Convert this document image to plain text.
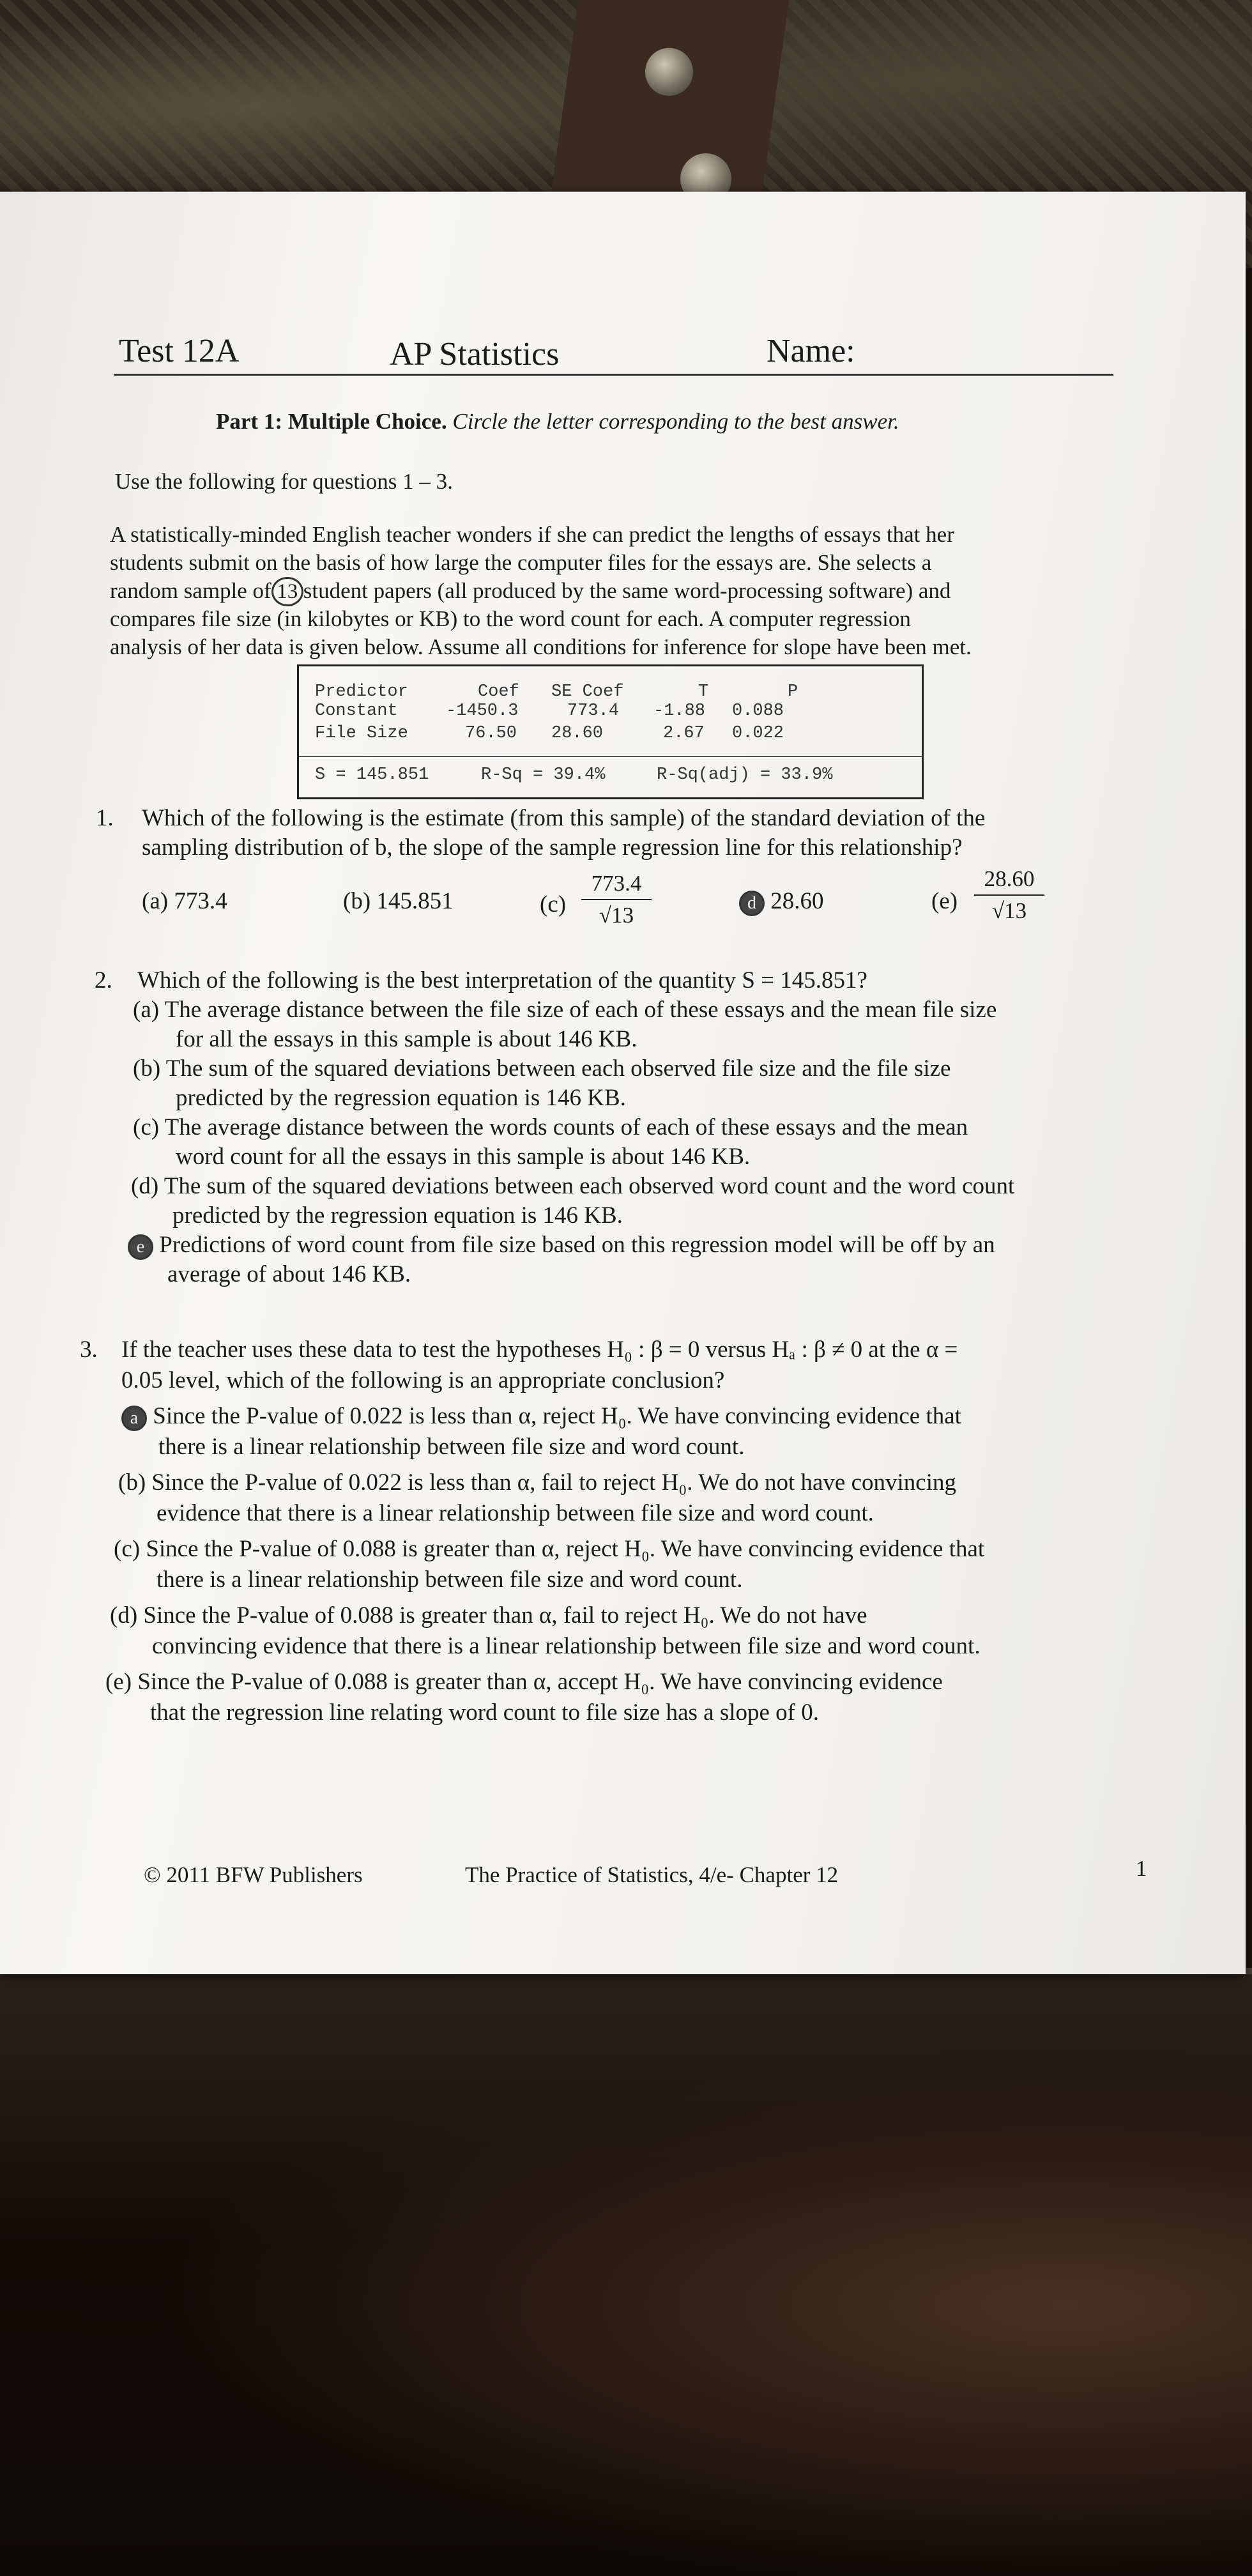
Test 12A	AP Statistics	Name:
Part 1: Multiple Choice. Circle the letter corresponding to the best answer.
Use the following for questions 1 – 3.
A statistically-minded English teacher wonders if she can predict the lengths of essays that her
students submit on the basis of how large the computer files for the essays are. She selects a
random sample of 13 student papers (all produced by the same word-processing software) and
compares file size (in kilobytes or KB) to the word count for each. A computer regression
analysis of her data is given below. Assume all conditions for inference for slope have been met.
Predictor	Coef SE Coef	T	P
Constant	-1450.3	773.4 -1.88 0.088
File Size	76.50 28.60	2.67 0.022
S = 145.851	R-Sq = 39.4%	R-Sq(adj) = 33.9%
1. Which of the following is the estimate (from this sample) of the standard deviation of the
sampling distribution of b, the slope of the sample regression line for this relationship?
(a) 773.4	(b) 145.851	(c)
773.4
√13	d 28.60	(e)
28.60
√13
2. Which of the following is the best interpretation of the quantity S = 145.851?
(a) The average distance between the file size of each of these essays and the mean file size
for all the essays in this sample is about 146 KB.
(b) The sum of the squared deviations between each observed file size and the file size
predicted by the regression equation is 146 KB.
(c) The average distance between the words counts of each of these essays and the mean
word count for all the essays in this sample is about 146 KB.
(d) The sum of the squared deviations between each observed word count and the word count
predicted by the regression equation is 146 KB.
e Predictions of word count from file size based on this regression model will be off by an
average of about 146 KB.
3. If the teacher uses these data to test the hypotheses H₀ : β = 0 versus Hₐ : β ≠ 0 at the α =
0.05 level, which of the following is an appropriate conclusion?
a Since the P-value of 0.022 is less than α, reject H₀. We have convincing evidence that
there is a linear relationship between file size and word count.
(b) Since the P-value of 0.022 is less than α, fail to reject H₀. We do not have convincing
evidence that there is a linear relationship between file size and word count.
(c) Since the P-value of 0.088 is greater than α, reject H₀. We have convincing evidence that
there is a linear relationship between file size and word count.
(d) Since the P-value of 0.088 is greater than α, fail to reject H₀. We do not have
convincing evidence that there is a linear relationship between file size and word count.
(e) Since the P-value of 0.088 is greater than α, accept H₀. We have convincing evidence
that the regression line relating word count to file size has a slope of 0.
© 2011 BFW Publishers	The Practice of Statistics, 4/e- Chapter 12	1
